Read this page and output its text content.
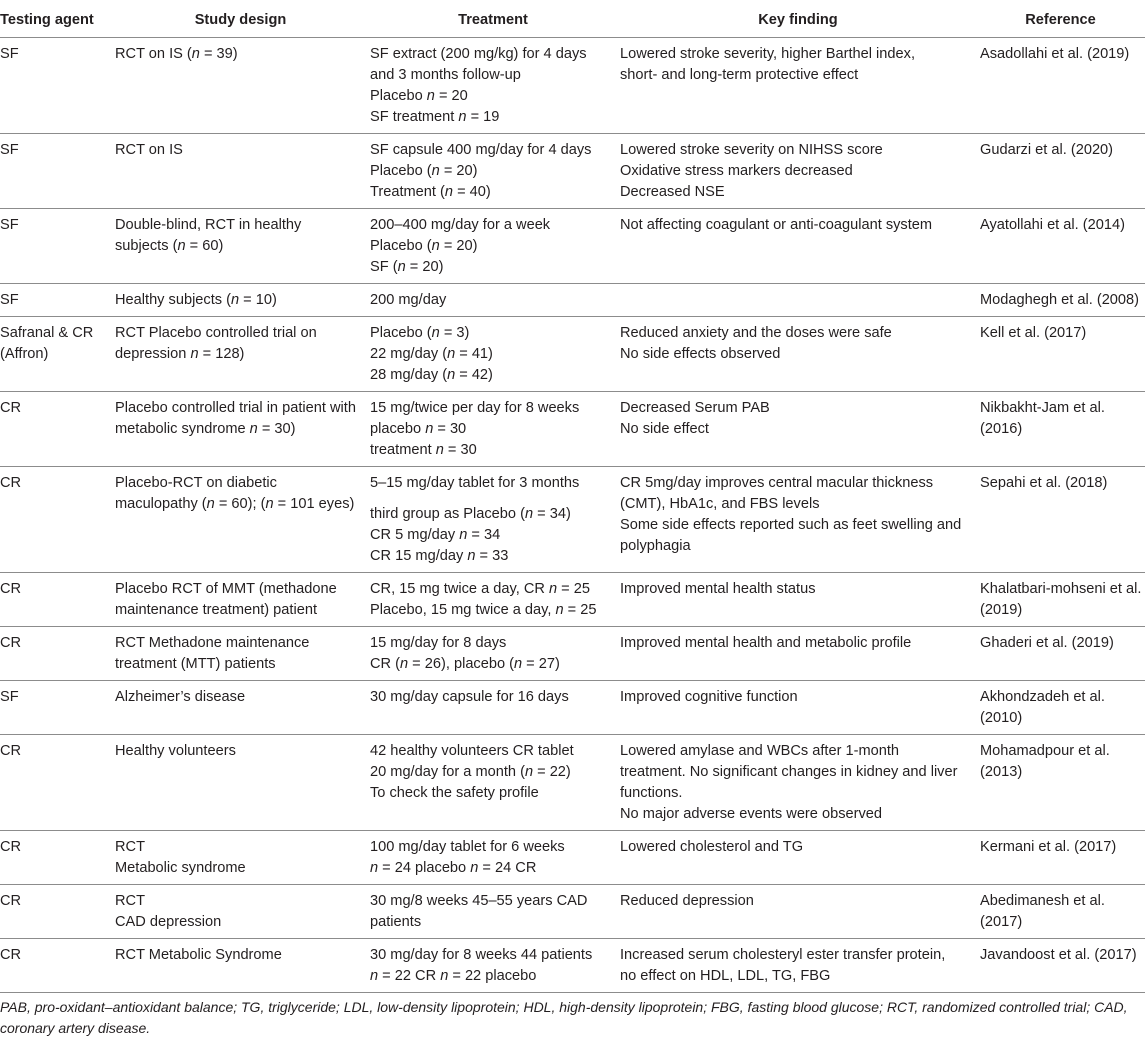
Testing agent	Study design	Treatment	Key finding	Reference

SF	RCT on IS (n = 39)	SF extract (200 mg/kg) for 4 days
and 3 months follow-up
Placebo n = 20
SF treatment n = 19	Lowered stroke severity, higher Barthel index,
short- and long-term protective effect	Asadollahi et al. (2019)

SF	RCT on IS	SF capsule 400 mg/day for 4 days
Placebo (n = 20)
Treatment (n = 40)	Lowered stroke severity on NIHSS score
Oxidative stress markers decreased
Decreased NSE	Gudarzi et al. (2020)

SF	Double-blind, RCT in healthy
subjects (n = 60)	200–400 mg/day for a week
Placebo (n = 20)
SF (n = 20)	Not affecting coagulant or anti-coagulant system	Ayatollahi et al. (2014)

SF	Healthy subjects (n = 10)	200 mg/day		Modaghegh et al. (2008)

Safranal & CR
(Affron)	RCT Placebo controlled trial on
depression n = 128)	Placebo (n = 3)
22 mg/day (n = 41)
28 mg/day (n = 42)	Reduced anxiety and the doses were safe
No side effects observed	Kell et al. (2017)

CR	Placebo controlled trial in patient with
metabolic syndrome n = 30)	15 mg/twice per day for 8 weeks
placebo n = 30
treatment n = 30	Decreased Serum PAB
No side effect	Nikbakht-Jam et al.
(2016)

CR	Placebo-RCT on diabetic
maculopathy (n = 60); (n = 101 eyes)	5–15 mg/day tablet for 3 months
third group as Placebo (n = 34)
CR 5 mg/day n = 34
CR 15 mg/day n = 33	CR 5mg/day improves central macular thickness
(CMT), HbA1c, and FBS levels
Some side effects reported such as feet swelling and
polyphagia	Sepahi et al. (2018)

CR	Placebo RCT of MMT (methadone
maintenance treatment) patient	CR, 15 mg twice a day, CR n = 25
Placebo, 15 mg twice a day, n = 25	Improved mental health status	Khalatbari-mohseni et al.
(2019)

CR	RCT Methadone maintenance
treatment (MTT) patients	15 mg/day for 8 days
CR (n = 26), placebo (n = 27)	Improved mental health and metabolic profile	Ghaderi et al. (2019)

SF	Alzheimer’s disease	30 mg/day capsule for 16 days	Improved cognitive function	Akhondzadeh et al.
(2010)

CR	Healthy volunteers	42 healthy volunteers CR tablet
20 mg/day for a month (n = 22)
To check the safety profile	Lowered amylase and WBCs after 1-month
treatment. No significant changes in kidney and liver
functions.
No major adverse events were observed	Mohamadpour et al.
(2013)

CR	RCT
Metabolic syndrome	100 mg/day tablet for 6 weeks
n = 24 placebo n = 24 CR	Lowered cholesterol and TG	Kermani et al. (2017)

CR	RCT
CAD depression	30 mg/8 weeks 45–55 years CAD
patients	Reduced depression	Abedimanesh et al.
(2017)

CR	RCT Metabolic Syndrome	30 mg/day for 8 weeks 44 patients
n = 22 CR n = 22 placebo	Increased serum cholesteryl ester transfer protein,
no effect on HDL, LDL, TG, FBG	Javandoost et al. (2017)
PAB, pro-oxidant–antioxidant balance; TG, triglyceride; LDL, low-density lipoprotein; HDL, high-density lipoprotein; FBG, fasting blood glucose; RCT, randomized controlled trial; CAD, coronary artery disease.
